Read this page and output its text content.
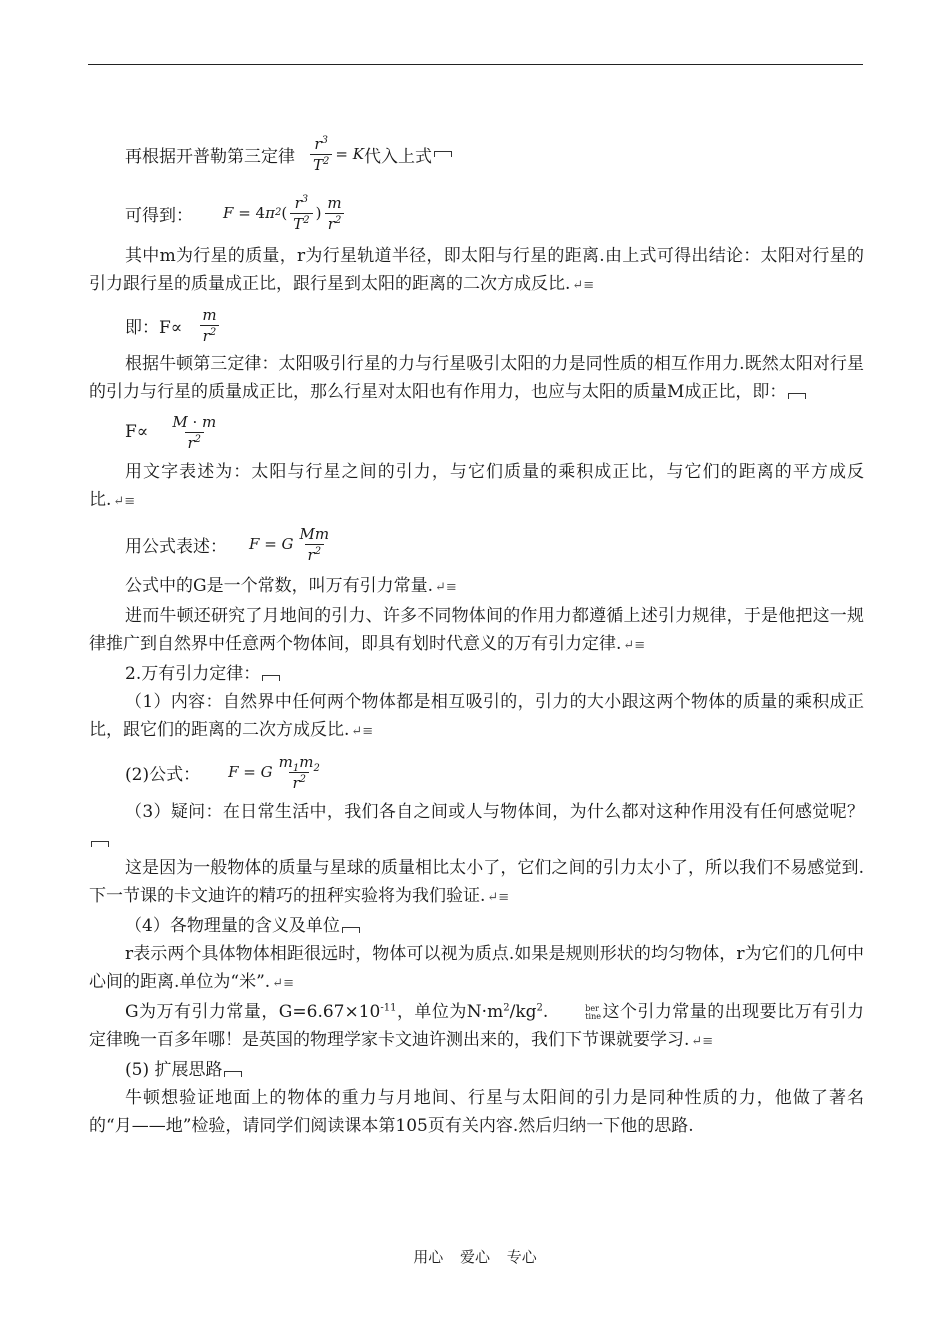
再根据开普勒第三定律 $\frac{r^3}{T^2} = K$ 代入上式
可得到： F = 4 π 2 ( $\frac{r^3}{T^2}$ ) $\frac{m}{r^2}$

其中m为行星的质量，r为行星轨道半径，即太阳与行星的距离.由上式可得出结论：太阳对行星的引力跟行星的质量成正比，跟行星到太阳的距离的二次方成反比. ↵≡

即：$F\propto \frac{m}{r^2}$

根据牛顿第三定律：太阳吸引行星的力与行星吸引太阳的力是同性质的相互作用力.既然太阳对行星的引力与行星的质量成正比，那么行星对太阳也有作用力，也应与太阳的质量M成正比，即：

$F\propto \frac{M \cdot m}{r^2}$

用文字表述为：太阳与行星之间的引力，与它们质量的乘积成正比，与它们的距离的平方成反比. ↵≡

用公式表述： F = G $\frac{Mm}{r^2}$

公式中的G是一个常数，叫万有引力常量. ↵≡

进而牛顿还研究了月地间的引力、许多不同物体间的作用力都遵循上述引力规律，于是他把这一规律推广到自然界中任意两个物体间，即具有划时代意义的万有引力定律. ↵≡

2.万有引力定律：

（1）内容：自然界中任何两个物体都是相互吸引的，引力的大小跟这两个物体的质量的乘积成正比，跟它们的距离的二次方成反比. ↵≡

(2)公式： F = G $\frac{m_1m_2}{r^2}$

（3）疑问：在日常生活中，我们各自之间或人与物体间，为什么都对这种作用没有任何感觉呢？

这是因为一般物体的质量与星球的质量相比太小了，它们之间的引力太小了，所以我们不易感觉到.下一节课的卡文迪许的精巧的扭秤实验将为我们验证. ↵≡

（4）各物理量的含义及单位

r表示两个具体物体相距很远时，物体可以视为质点.如果是规则形状的均匀物体，r为它们的几何中心间的距离.单位为“米”. ↵≡

G为万有引力常量，$G=6.67\times 10^{-11}$，单位为$N\cdot m^2/kg^2$.	ber
tine 这个引力常量的出现要比万有引力定律晚一百多年哪！是英国的物理学家卡文迪许测出来的，我们下节课就要学习. ↵≡

(5) 扩展思路

牛顿想验证地面上的物体的重力与月地间、行星与太阳间的引力是同种性质的力，他做了著名的“月——地”检验，请同学们阅读课本第105页有关内容.然后归纳一下他的思路.

用心 爱心 专心
